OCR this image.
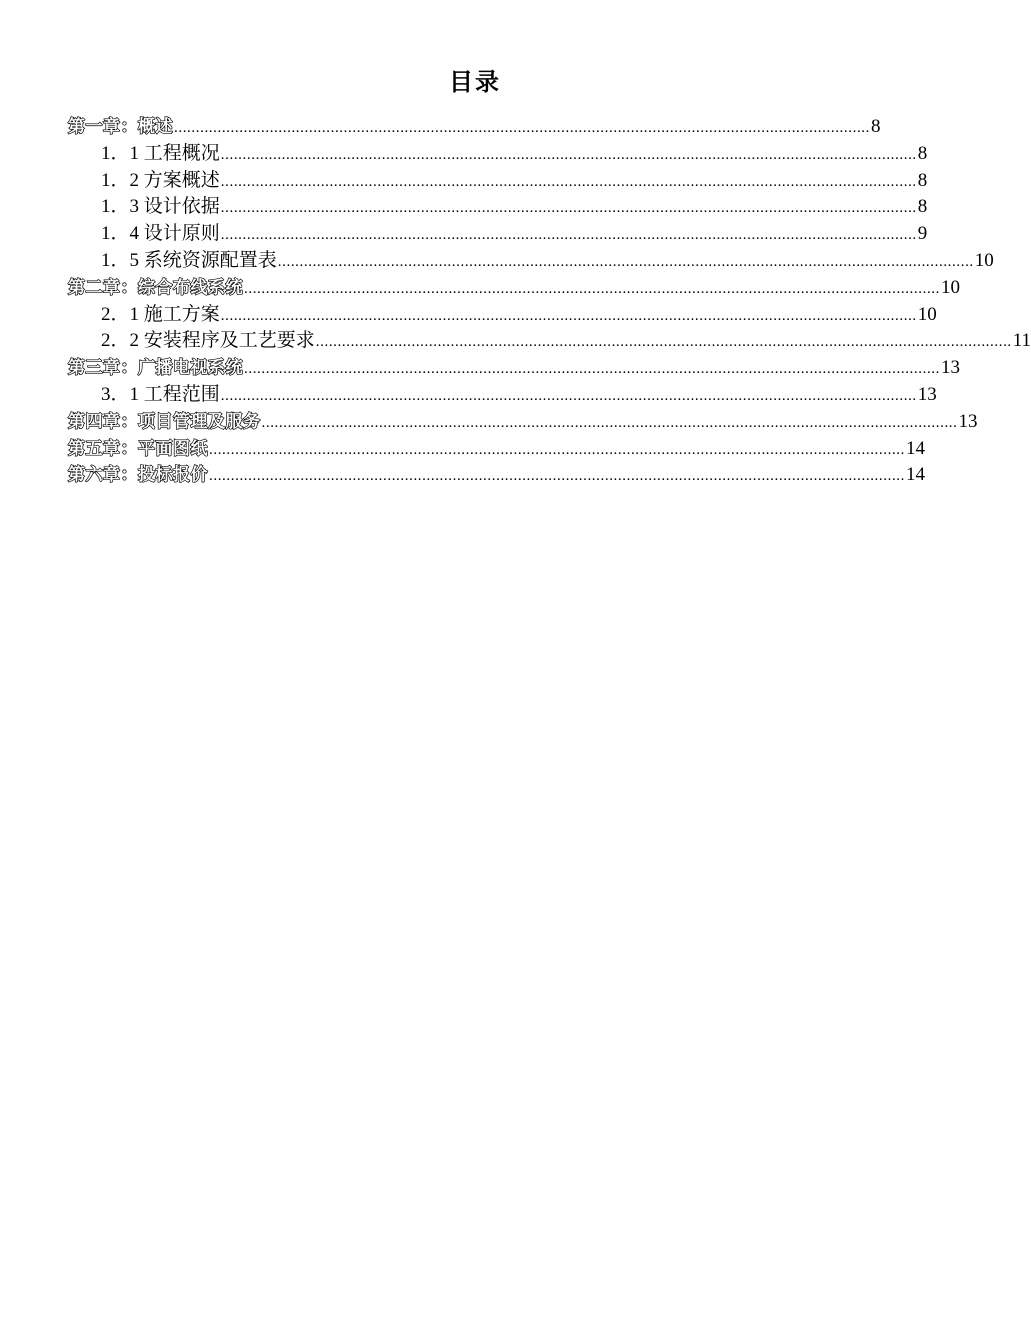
目录
第一章：概述 ................................................................................................................................................................ 8
1．1 工程概况 ................................................................................................................................................................ 8
1．2 方案概述 ................................................................................................................................................................ 8
1．3 设计依据 ................................................................................................................................................................ 8
1．4 设计原则 ................................................................................................................................................................ 9
1．5 系统资源配置表 ................................................................................................................................................................ 10
第二章：综合布线系统 ................................................................................................................................................................ 10
2．1 施工方案 ................................................................................................................................................................ 10
2．2 安装程序及工艺要求 ................................................................................................................................................................ 11
第三章：广播电视系统 ................................................................................................................................................................ 13
3．1 工程范围 ................................................................................................................................................................ 13
第四章：项目管理及服务 ................................................................................................................................................................ 13
第五章：平面图纸 ................................................................................................................................................................ 14
第六章：投标报价 ................................................................................................................................................................ 14
